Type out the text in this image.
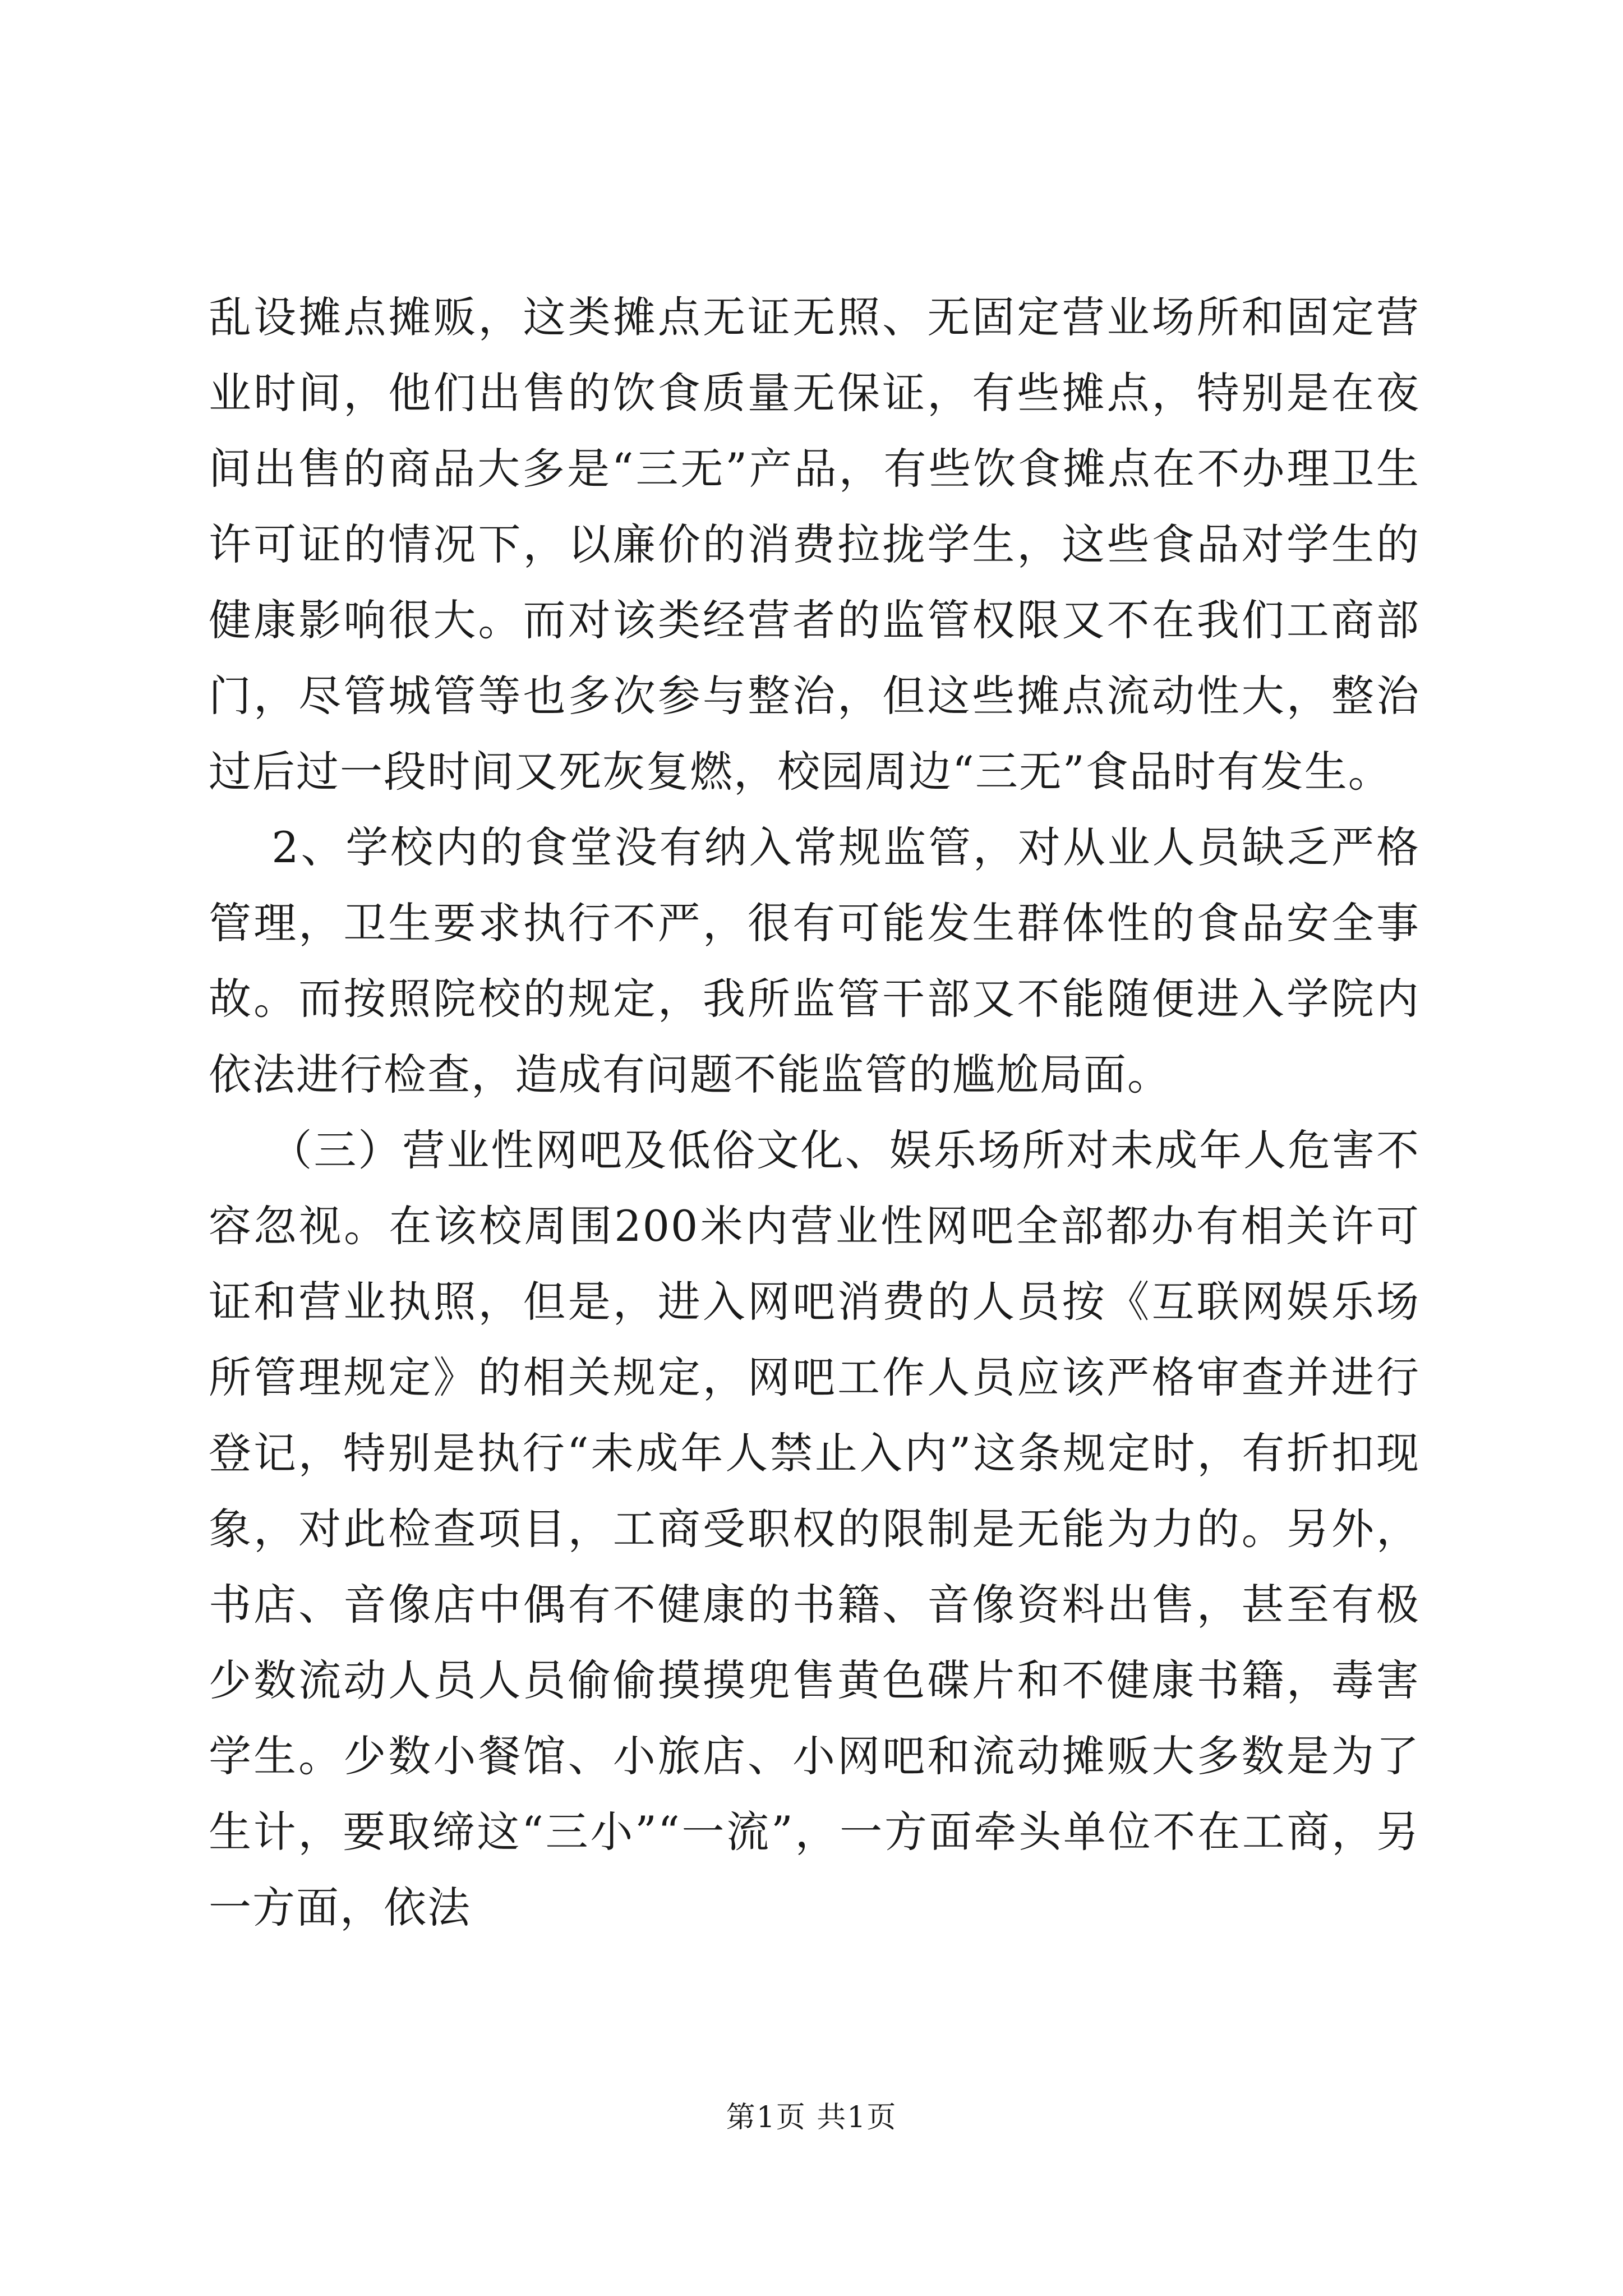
乱设摊点摊贩，这类摊点无证无照、无固定营业场所和固定营业时间，他们出售的饮食质量无保证，有些摊点，特别是在夜间出售的商品大多是“三无”产品，有些饮食摊点在不办理卫生许可证的情况下，以廉价的消费拉拢学生，这些食品对学生的健康影响很大。而对该类经营者的监管权限又不在我们工商部门，尽管城管等也多次参与整治，但这些摊点流动性大，整治过后过一段时间又死灰复燃，校园周边“三无”食品时有发生。

2、学校内的食堂没有纳入常规监管，对从业人员缺乏严格管理，卫生要求执行不严，很有可能发生群体性的食品安全事故。而按照院校的规定，我所监管干部又不能随便进入学院内依法进行检查，造成有问题不能监管的尴尬局面。

（三）营业性网吧及低俗文化、娱乐场所对未成年人危害不容忽视。在该校周围200米内营业性网吧全部都办有相关许可证和营业执照，但是，进入网吧消费的人员按《互联网娱乐场所管理规定》的相关规定，网吧工作人员应该严格审查并进行登记，特别是执行“未成年人禁止入内”这条规定时，有折扣现象，对此检查项目，工商受职权的限制是无能为力的。另外，书店、音像店中偶有不健康的书籍、音像资料出售，甚至有极少数流动人员人员偷偷摸摸兜售黄色碟片和不健康书籍，毒害学生。少数小餐馆、小旅店、小网吧和流动摊贩大多数是为了生计，要取缔这“三小”“一流”，一方面牵头单位不在工商，另一方面，依法

第1页 共1页
